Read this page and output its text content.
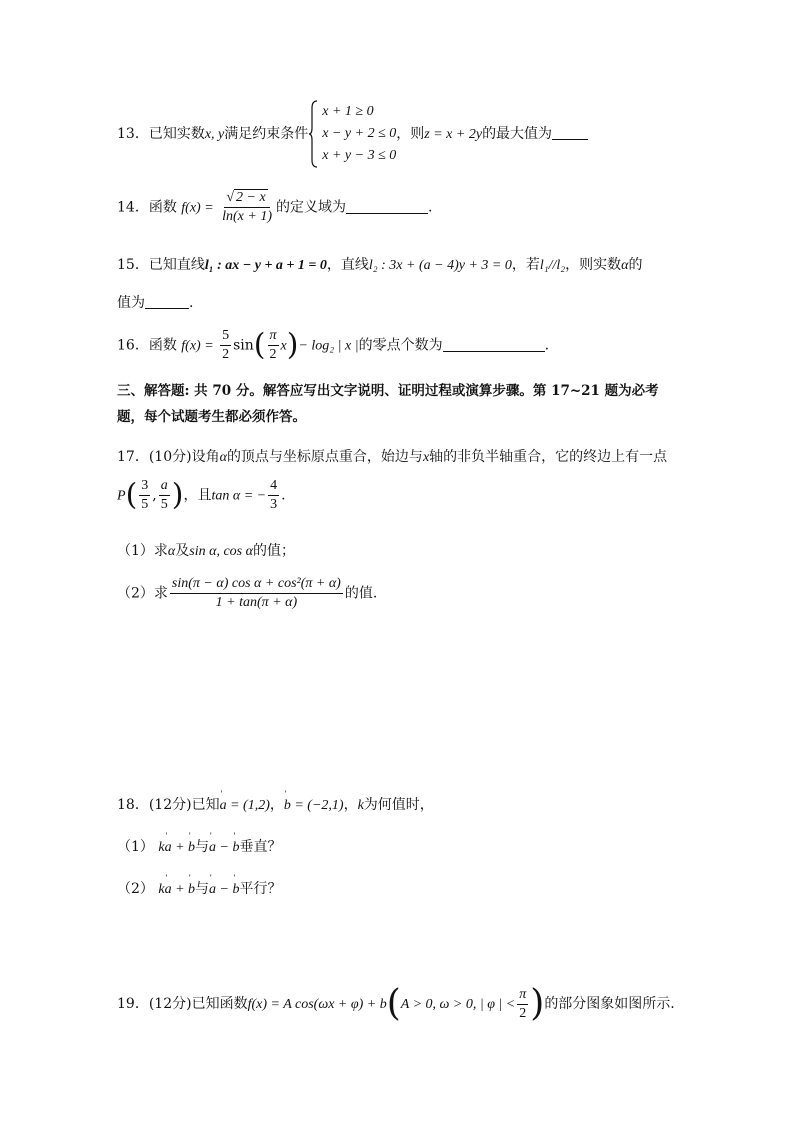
13．已知实数x, y满足约束条件
x + 1 ≥ 0
x − y + 2 ≤ 0
x + y − 3 ≤ 0
，则z = x + 2y的最大值为
14．函数 $f(x) = \frac{√ 2 - x}{\ln(x + 1)}$ 的定义域为	.
15．已知直线l₁ : ax − y + a + 1 = 0，直线l₂ : 3x + (a − 4)y + 3 = 0，若l₁//l₂，则实数α的
值为	.
16．函数 $f(x) = \frac{5}{2} \sin( \frac{\pi}{2} x)- \log_2$ | x |的零点个数为	.
三、解答题: 共 70 分。解答应写出文字说明、证明过程或演算步骤。第 17~21 题为必考题，每个试题考生都必须作答。
17．(10分)设角α的顶点与坐标原点重合，始边与x轴的非负半轴重合，它的终边上有一点
$P( \frac{3}{5}$ , $\frac{a}{5}$ )，且tan α = − $\frac{4}{3}$ .
（1）求α及sin α, cos α的值；
（2）求 $\frac{\text{sin(π − α) cos α + cos²(π + α)}}{1 + \tan(\pi + \alpha)}$ 的值.
18．(12分)已知' a = (1,2)，' b = (−2,1)，k为何值时，
（1） k' a + ' b与' a − ' b垂直？
（2） k' a + ' b与' a − ' b平行？
19．(12分)已知函数f(x) = A cos(ωx + φ) + b(A > 0, ω > 0, | φ | < $\frac{\pi}{2}$ )的部分图象如图所示.
